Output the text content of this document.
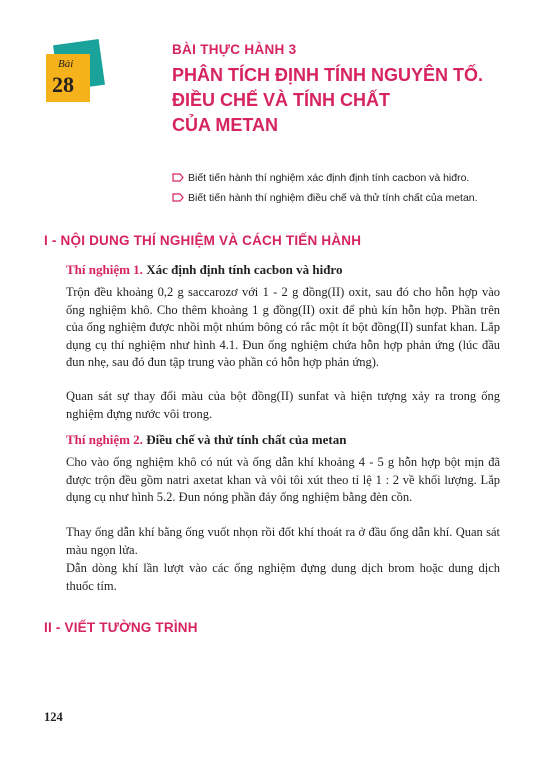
Bài
28
BÀI THỰC HÀNH 3
PHÂN TÍCH ĐỊNH TÍNH NGUYÊN TỐ.
ĐIỀU CHẾ VÀ TÍNH CHẤT
CỦA METAN
Biết tiến hành thí nghiệm xác định định tính cacbon và hiđro.
Biết tiến hành thí nghiệm điều chế và thử tính chất của metan.
I - NỘI DUNG THÍ NGHIỆM VÀ CÁCH TIẾN HÀNH
Thí nghiệm 1. Xác định định tính cacbon và hiđro
Trộn đều khoảng 0,2 g saccarozơ với 1 - 2 g đồng(II) oxit, sau đó cho hỗn hợp vào ống nghiệm khô. Cho thêm khoảng 1 g đồng(II) oxit để phủ kín hỗn hợp. Phần trên của ống nghiệm được nhồi một nhúm bông có rắc một ít bột đồng(II) sunfat khan. Lắp dụng cụ thí nghiệm như hình 4.1. Đun ống nghiệm chứa hỗn hợp phản ứng (lúc đầu đun nhẹ, sau đó đun tập trung vào phần có hỗn hợp phản ứng).
Quan sát sự thay đổi màu của bột đồng(II) sunfat và hiện tượng xảy ra trong ống nghiệm đựng nước vôi trong.
Thí nghiệm 2. Điều chế và thử tính chất của metan
Cho vào ống nghiệm khô có nút và ống dẫn khí khoảng 4 - 5 g hỗn hợp bột mịn đã được trộn đều gồm natri axetat khan và vôi tôi xút theo tỉ lệ 1 : 2 về khối lượng. Lắp dụng cụ như hình 5.2. Đun nóng phần đáy ống nghiệm bằng đèn cồn.
Thay ống dẫn khí bằng ống vuốt nhọn rồi đốt khí thoát ra ở đầu ống dẫn khí. Quan sát màu ngọn lửa.
Dẫn dòng khí lần lượt vào các ống nghiệm đựng dung dịch brom hoặc dung dịch thuốc tím.
II - VIẾT TƯỜNG TRÌNH
124
